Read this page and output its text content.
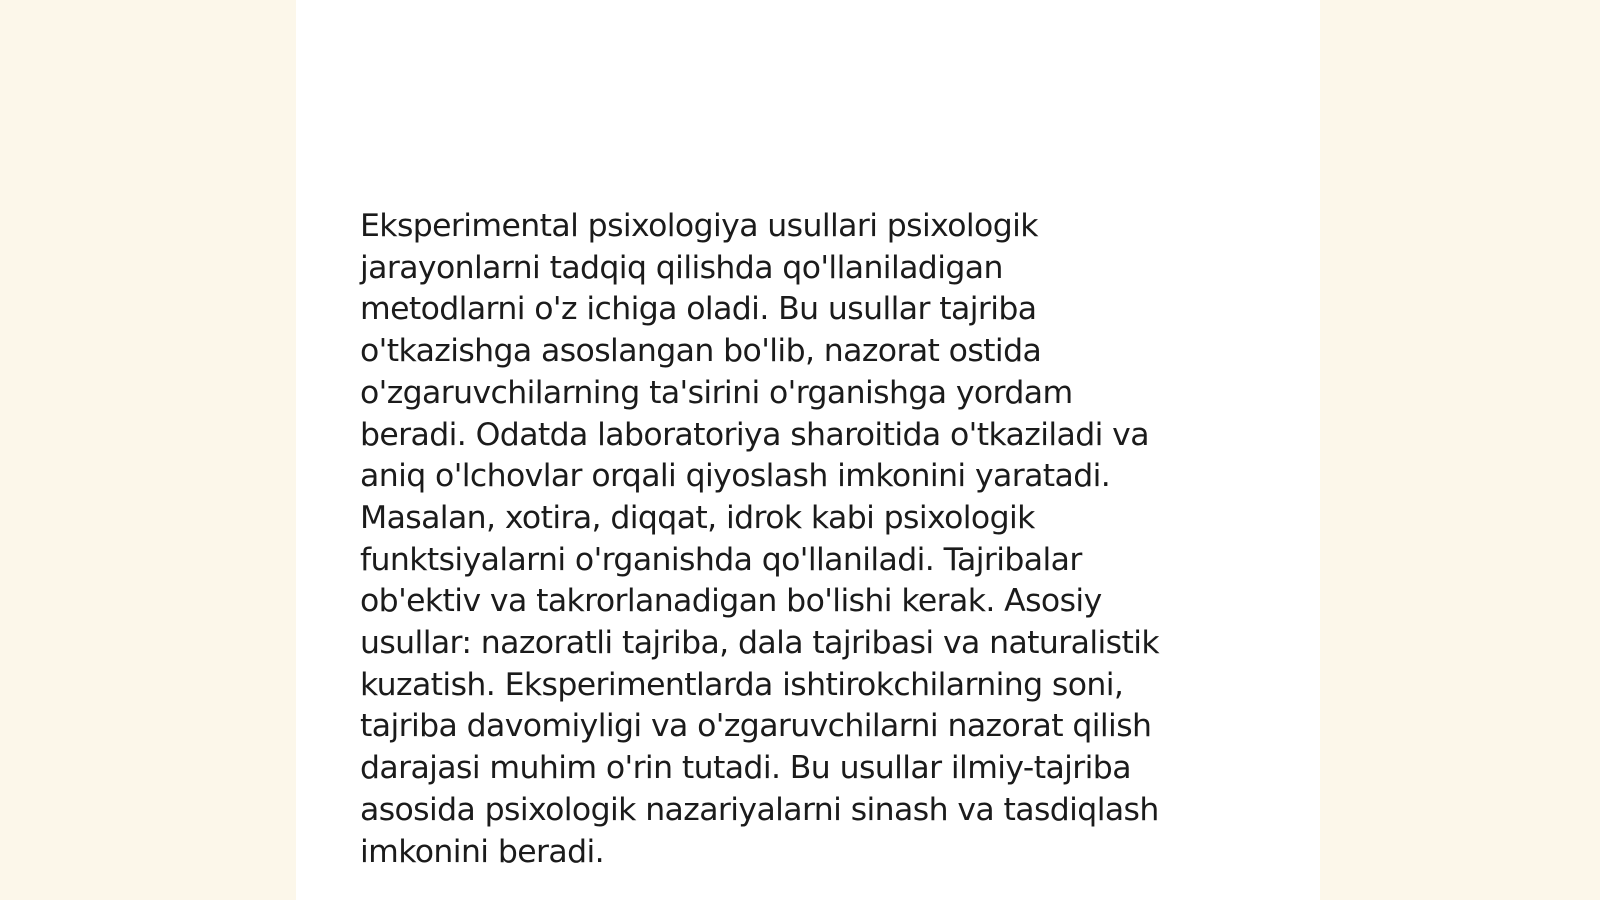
Eksperimental psixologiya usullari psixologik
jarayonlarni tadqiq qilishda qo'llaniladigan
metodlarni o'z ichiga oladi. Bu usullar tajriba
o'tkazishga asoslangan bo'lib, nazorat ostida
o'zgaruvchilarning ta'sirini o'rganishga yordam
beradi. Odatda laboratoriya sharoitida o'tkaziladi va
aniq o'lchovlar orqali qiyoslash imkonini yaratadi.
Masalan, xotira, diqqat, idrok kabi psixologik
funktsiyalarni o'rganishda qo'llaniladi. Tajribalar
ob'ektiv va takrorlanadigan bo'lishi kerak. Asosiy
usullar: nazoratli tajriba, dala tajribasi va naturalistik
kuzatish. Eksperimentlarda ishtirokchilarning soni,
tajriba davomiyligi va o'zgaruvchilarni nazorat qilish
darajasi muhim o'rin tutadi. Bu usullar ilmiy-tajriba
asosida psixologik nazariyalarni sinash va tasdiqlash
imkonini beradi.
